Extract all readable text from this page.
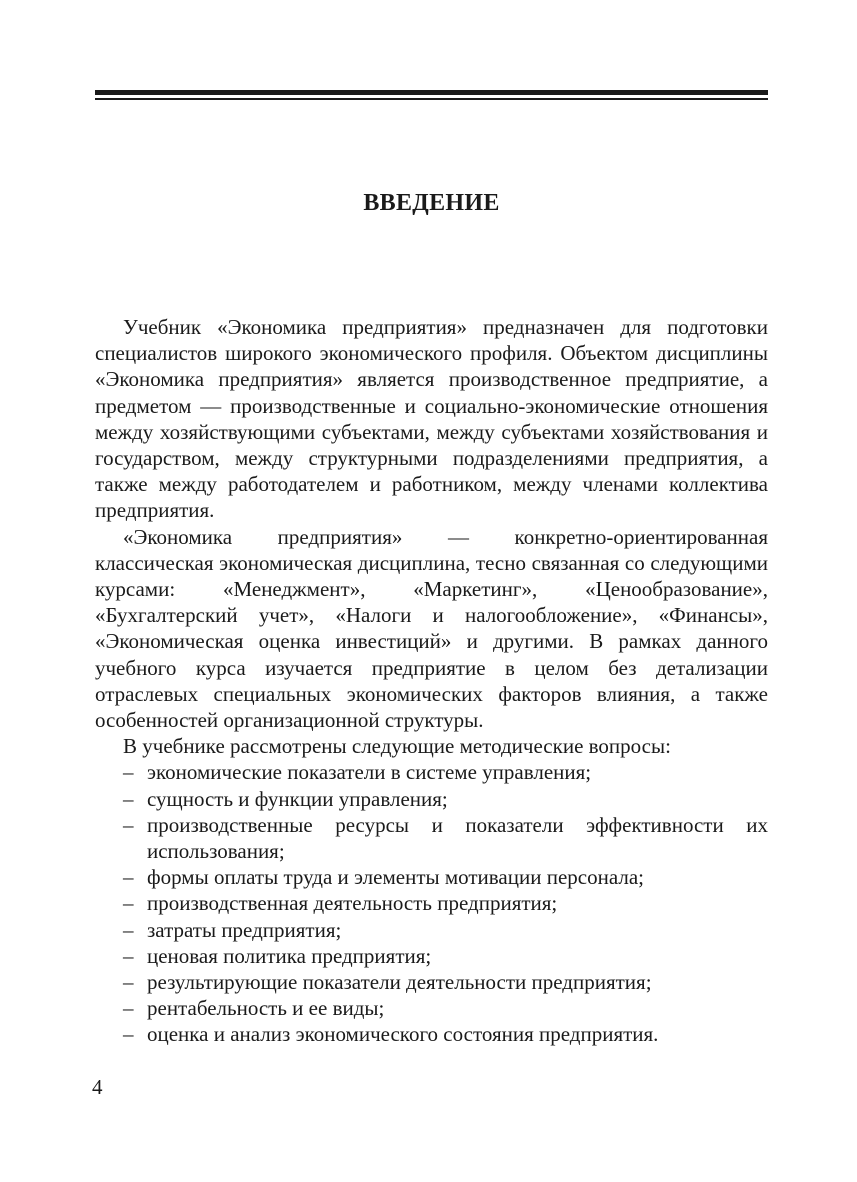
ВВЕДЕНИЕ

Учебник «Экономика предприятия» предназначен для подготовки специалистов широкого экономического профиля. Объектом дисциплины «Экономика предприятия» является производственное предприятие, а предметом — производственные и социально-экономические отношения между хозяйствующими субъектами, между субъектами хозяйствования и государством, между структурными подразделениями предприятия, а также между работодателем и работником, между членами коллектива предприятия.

«Экономика предприятия» — конкретно-ориентированная классическая экономическая дисциплина, тесно связанная со следующими курсами: «Менеджмент», «Маркетинг», «Ценообразование», «Бухгалтерский учет», «Налоги и налогообложение», «Финансы», «Экономическая оценка инвестиций» и другими. В рамках данного учебного курса изучается предприятие в целом без детализации отраслевых специальных экономических факторов влияния, а также особенностей организационной структуры.

В учебнике рассмотрены следующие методические вопросы:

– экономические показатели в системе управления;
– сущность и функции управления;
– производственные ресурсы и показатели эффективности их использования;
– формы оплаты труда и элементы мотивации персонала;
– производственная деятельность предприятия;
– затраты предприятия;
– ценовая политика предприятия;
– результирующие показатели деятельности предприятия;
– рентабельность и ее виды;
– оценка и анализ экономического состояния предприятия.
4
